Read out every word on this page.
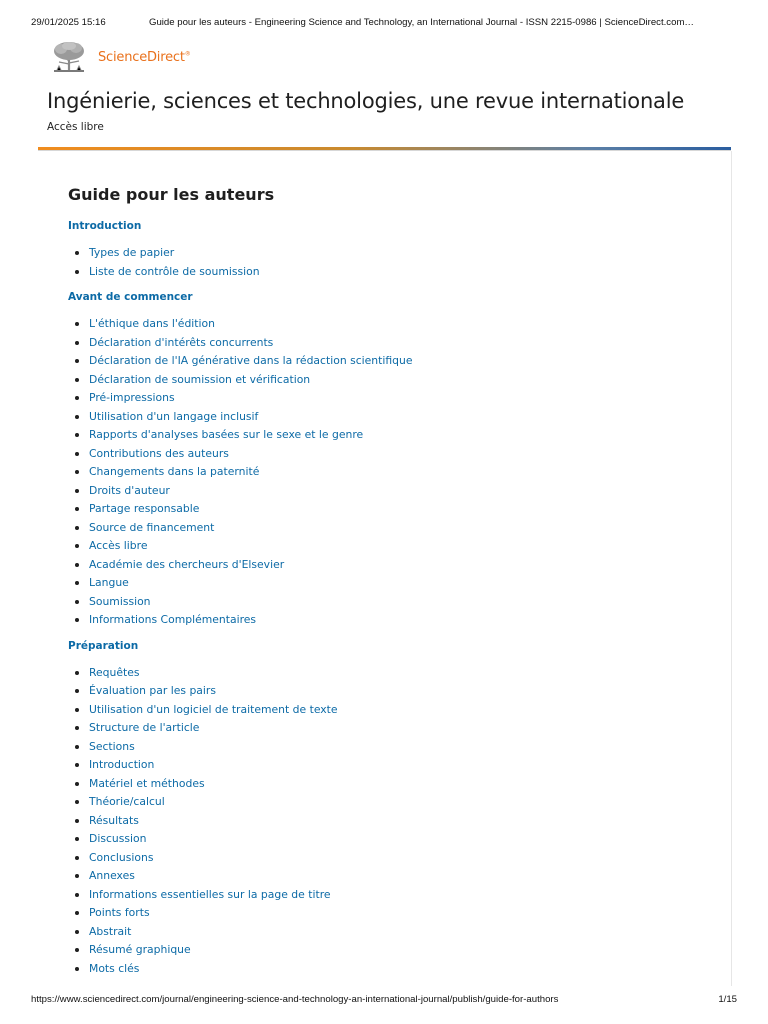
29/01/2025 15:16	Guide pour les auteurs - Engineering Science and Technology, an International Journal - ISSN 2215-0986 | ScienceDirect.com…
ScienceDirect®
Ingénierie, sciences et technologies, une revue internationale
Accès libre
Guide pour les auteurs
Introduction
Types de papier
Liste de contrôle de soumission
Avant de commencer
L'éthique dans l'édition
Déclaration d'intérêts concurrents
Déclaration de l'IA générative dans la rédaction scientifique
Déclaration de soumission et vérification
Pré-impressions
Utilisation d'un langage inclusif
Rapports d'analyses basées sur le sexe et le genre
Contributions des auteurs
Changements dans la paternité
Droits d'auteur
Partage responsable
Source de financement
Accès libre
Académie des chercheurs d'Elsevier
Langue
Soumission
Informations Complémentaires
Préparation
Requêtes
Évaluation par les pairs
Utilisation d'un logiciel de traitement de texte
Structure de l'article
Sections
Introduction
Matériel et méthodes
Théorie/calcul
Résultats
Discussion
Conclusions
Annexes
Informations essentielles sur la page de titre
Points forts
Abstrait
Résumé graphique
Mots clés
https://www.sciencedirect.com/journal/engineering-science-and-technology-an-international-journal/publish/guide-for-authors	1/15
